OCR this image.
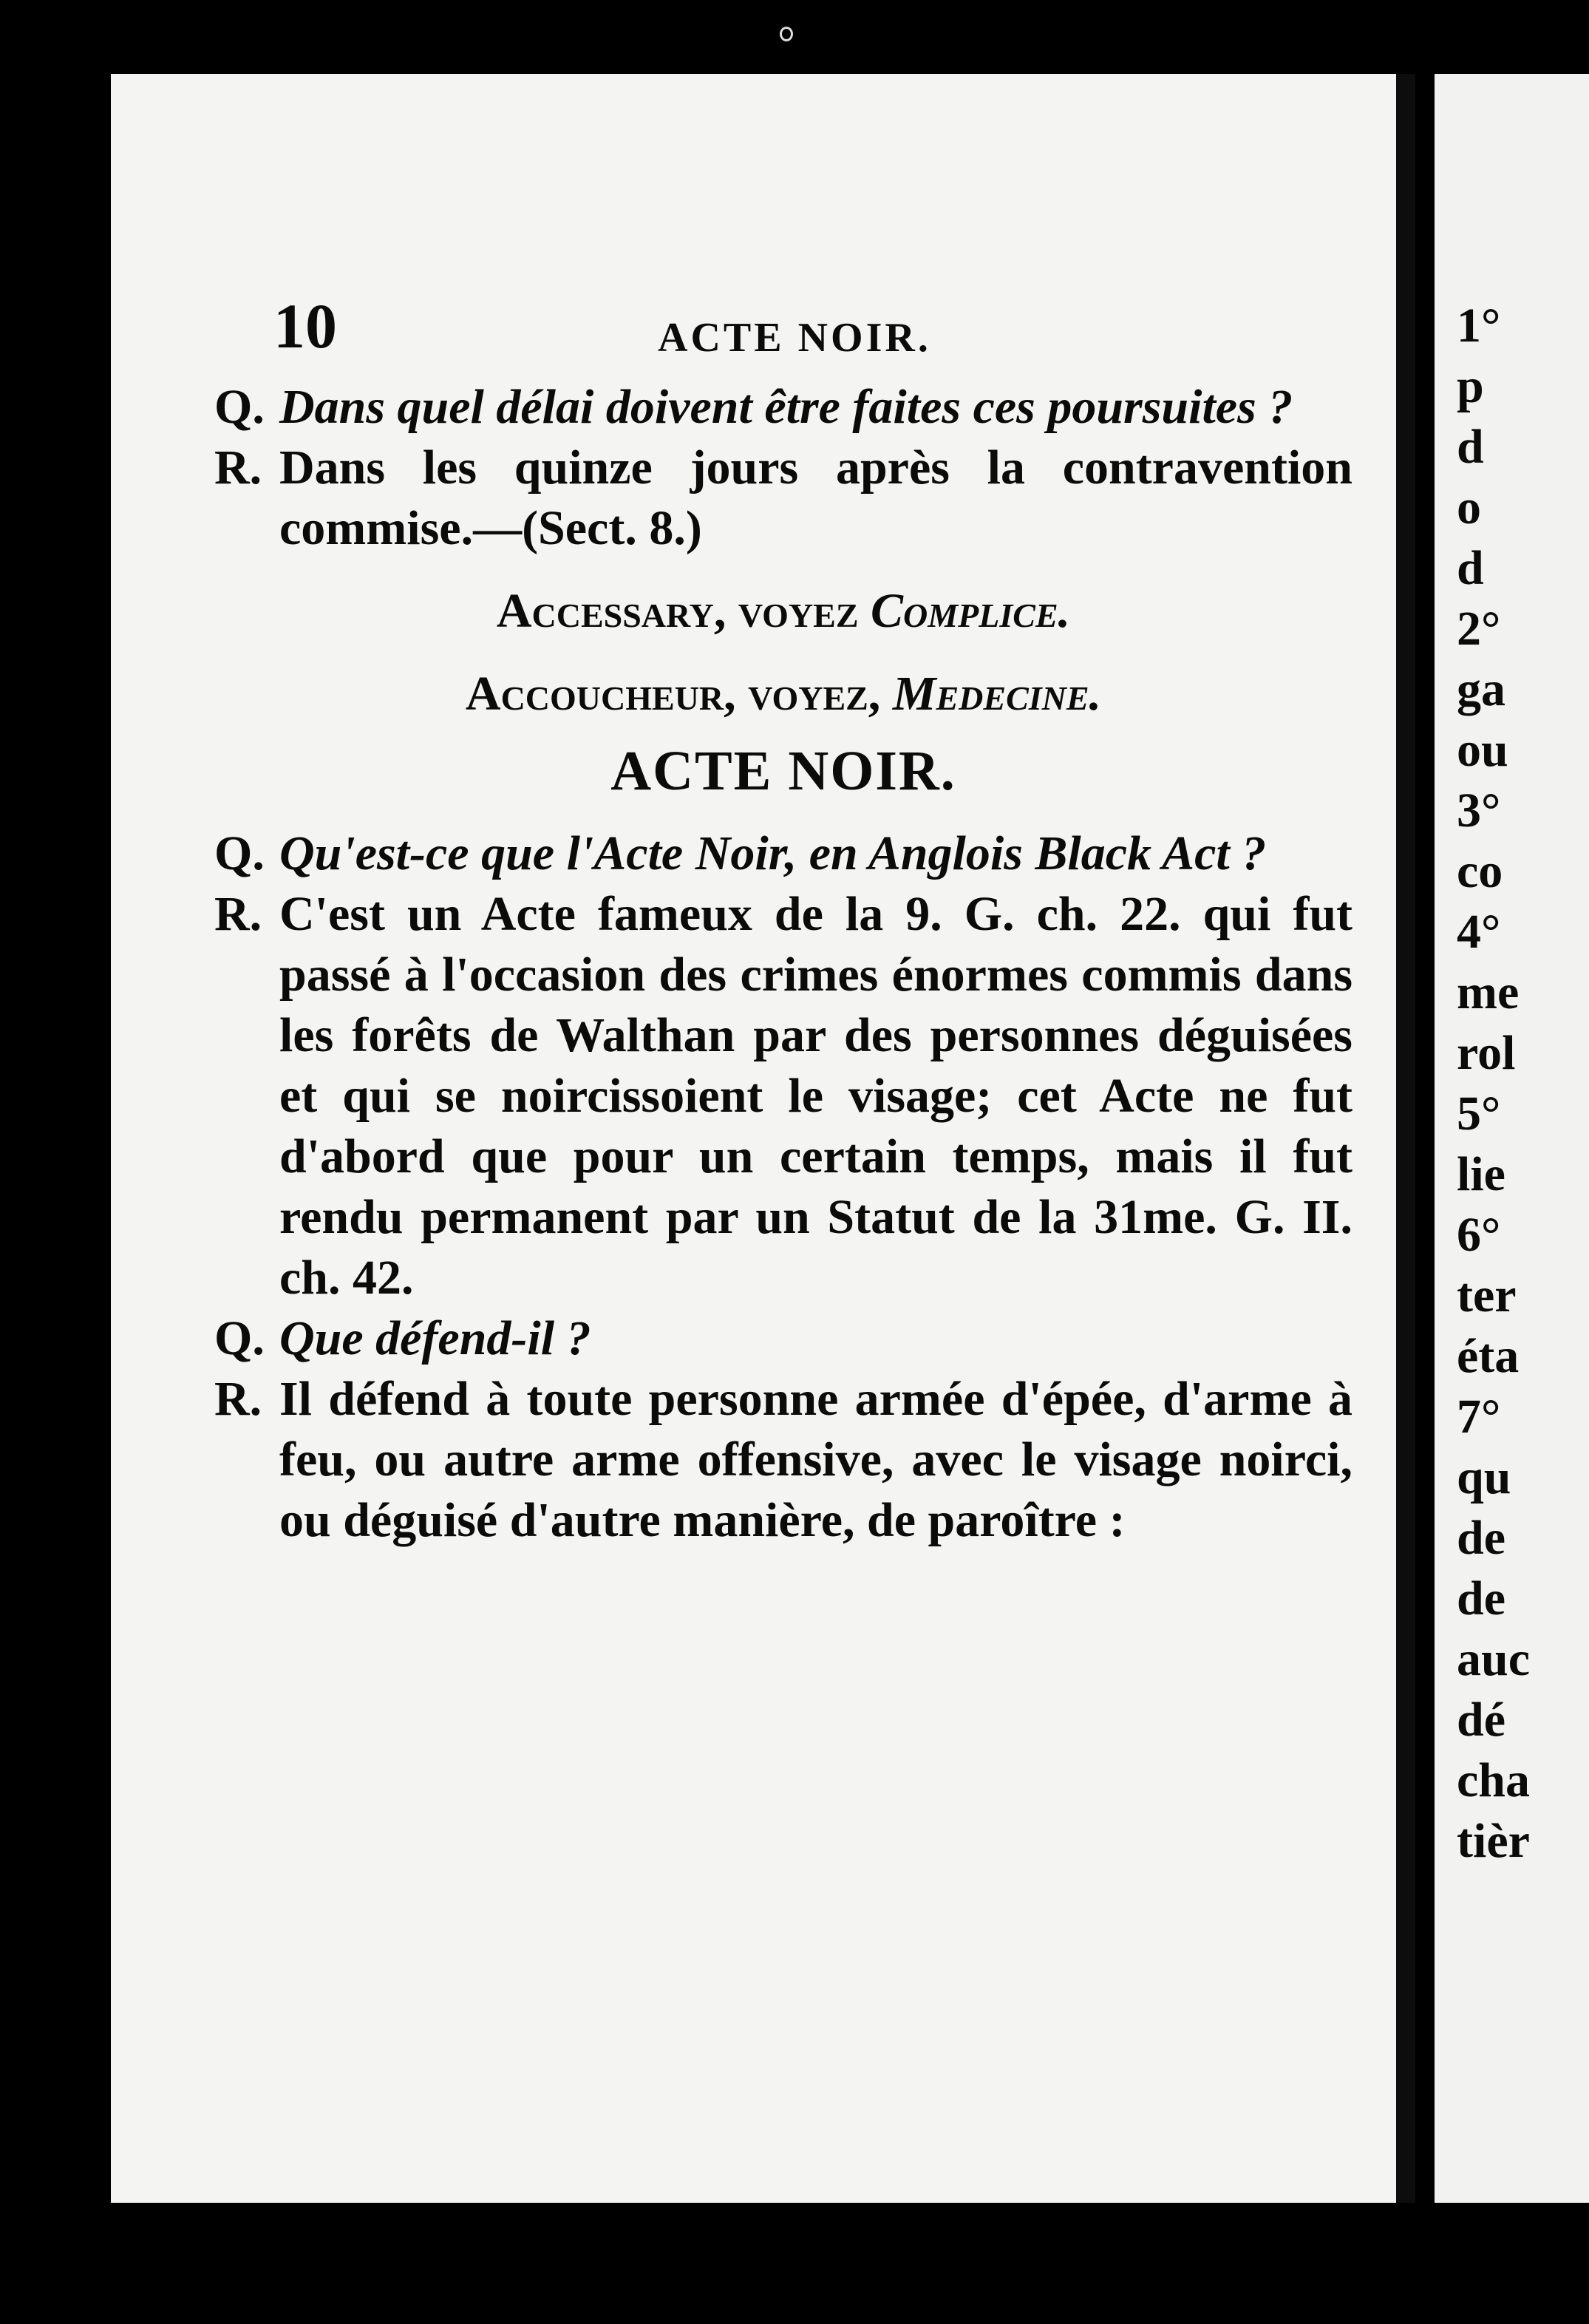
10	ACTE NOIR.

Q. Dans quel délai doivent être faites ces poursuites ?

R. Dans les quinze jours après la contravention commise.—(Sect. 8.)

Accessary, voyez Complice.
Accoucheur, voyez, Medecine.
ACTE NOIR.

Q. Qu'est-ce que l'Acte Noir, en Anglois Black Act ?

R. C'est un Acte fameux de la 9. G. ch. 22. qui fut passé à l'occasion des crimes énormes commis dans les forêts de Walthan par des personnes déguisées et qui se noircissoient le visage; cet Acte ne fut d'abord que pour un certain temps, mais il fut rendu permanent par un Statut de la 31me. G. II. ch. 42.

Q. Que défend-il ?

R. Il défend à toute personne armée d'épée, d'arme à feu, ou autre arme offensive, avec le visage noirci, ou déguisé d'autre manière, de paroître :

1°
p
d
o
d
2°
ga
ou
3°
co
4°
me
rol
5°
lie
6°
ter
éta
7°
qu
de
de
auc
dé
cha
tièr
